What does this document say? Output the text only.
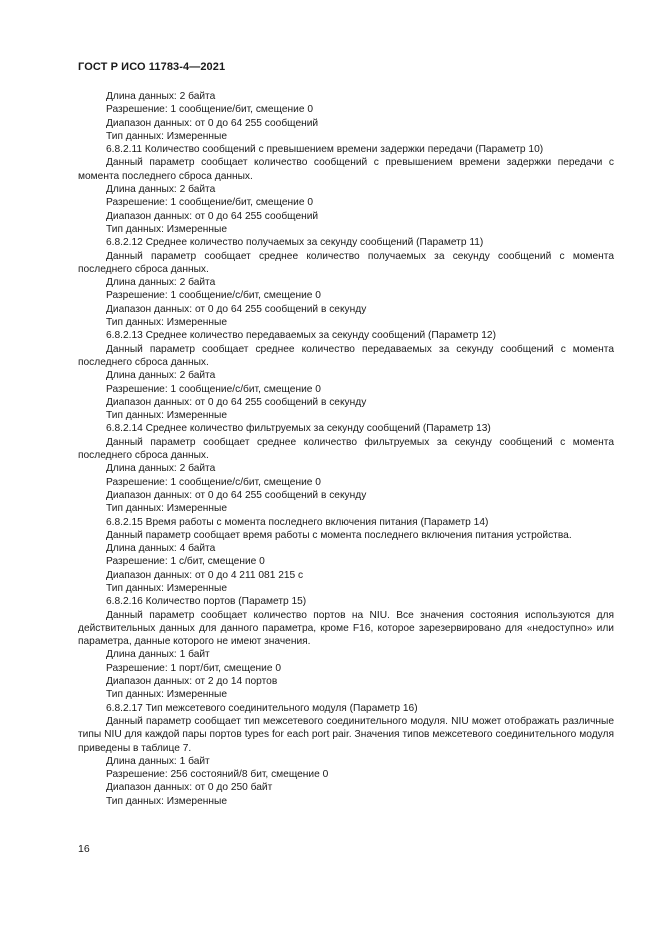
ГОСТ Р ИСО 11783-4—2021

Длина данных: 2 байта

Разрешение: 1 сообщение/бит, смещение 0

Диапазон данных: от 0 до 64 255 сообщений

Тип данных: Измеренные

6.8.2.11 Количество сообщений с превышением времени задержки передачи (Параметр 10)

Данный параметр сообщает количество сообщений с превышением времени задержки передачи с момента последнего сброса данных.

Длина данных: 2 байта

Разрешение: 1 сообщение/бит, смещение 0

Диапазон данных: от 0 до 64 255 сообщений

Тип данных: Измеренные

6.8.2.12 Среднее количество получаемых за секунду сообщений (Параметр 11)

Данный параметр сообщает среднее количество получаемых за секунду сообщений с момента последнего сброса данных.

Длина данных: 2 байта

Разрешение: 1 сообщение/с/бит, смещение 0

Диапазон данных: от 0 до 64 255 сообщений в секунду

Тип данных: Измеренные

6.8.2.13 Среднее количество передаваемых за секунду сообщений (Параметр 12)

Данный параметр сообщает среднее количество передаваемых за секунду сообщений с момента последнего сброса данных.

Длина данных: 2 байта

Разрешение: 1 сообщение/с/бит, смещение 0

Диапазон данных: от 0 до 64 255 сообщений в секунду

Тип данных: Измеренные

6.8.2.14 Среднее количество фильтруемых за секунду сообщений (Параметр 13)

Данный параметр сообщает среднее количество фильтруемых за секунду сообщений с момента последнего сброса данных.

Длина данных: 2 байта

Разрешение: 1 сообщение/с/бит, смещение 0

Диапазон данных: от 0 до 64 255 сообщений в секунду

Тип данных: Измеренные

6.8.2.15 Время работы с момента последнего включения питания (Параметр 14)

Данный параметр сообщает время работы с момента последнего включения питания устройства.

Длина данных: 4 байта

Разрешение: 1 с/бит, смещение 0

Диапазон данных: от 0 до 4 211 081 215 с

Тип данных: Измеренные

6.8.2.16 Количество портов (Параметр 15)

Данный параметр сообщает количество портов на NIU. Все значения состояния используются для действительных данных для данного параметра, кроме F16, которое зарезервировано для «недоступно» или параметра, данные которого не имеют значения.

Длина данных: 1 байт

Разрешение: 1 порт/бит, смещение 0

Диапазон данных: от 2 до 14 портов

Тип данных: Измеренные

6.8.2.17 Тип межсетевого соединительного модуля (Параметр 16)

Данный параметр сообщает тип межсетевого соединительного модуля. NIU может отображать различные типы NIU для каждой пары портов types for each port pair. Значения типов межсетевого соединительного модуля приведены в таблице 7.

Длина данных: 1 байт

Разрешение: 256 состояний/8 бит, смещение 0

Диапазон данных: от 0 до 250 байт

Тип данных: Измеренные

16
